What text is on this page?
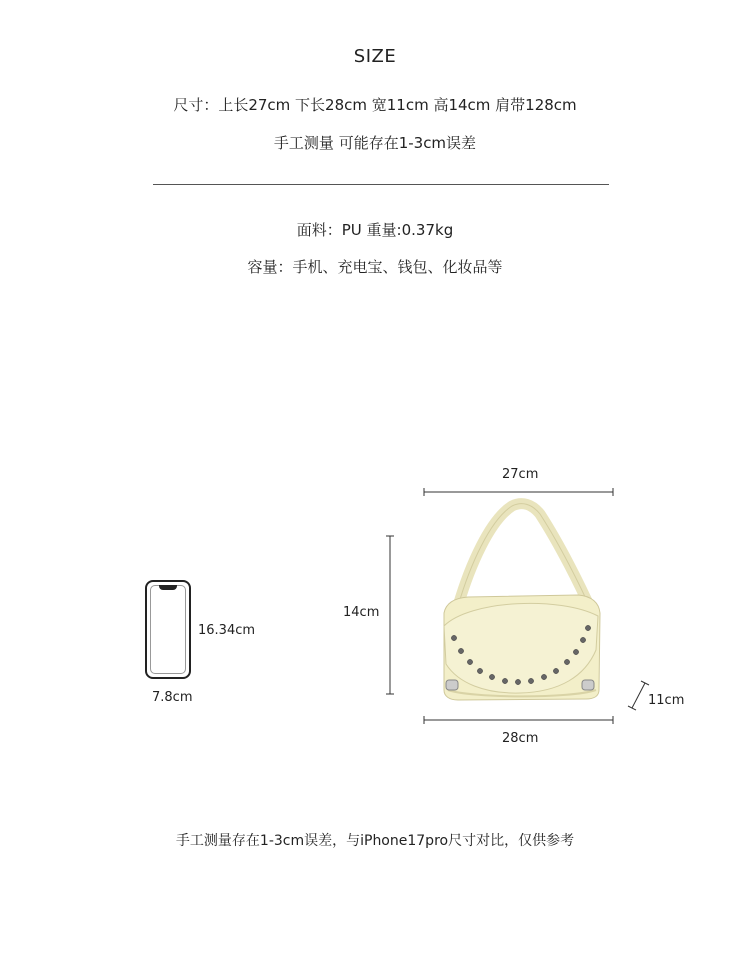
SIZE
尺寸：上长27cm 下长28cm 宽11cm 高14cm 肩带128cm
手工测量 可能存在1-3cm误差
面料：PU 重量:0.37kg
容量：手机、充电宝、钱包、化妆品等
16.34cm
7.8cm
27cm
28cm
14cm
11cm
手工测量存在1-3cm误差，与iPhone17pro尺寸对比，仅供参考
